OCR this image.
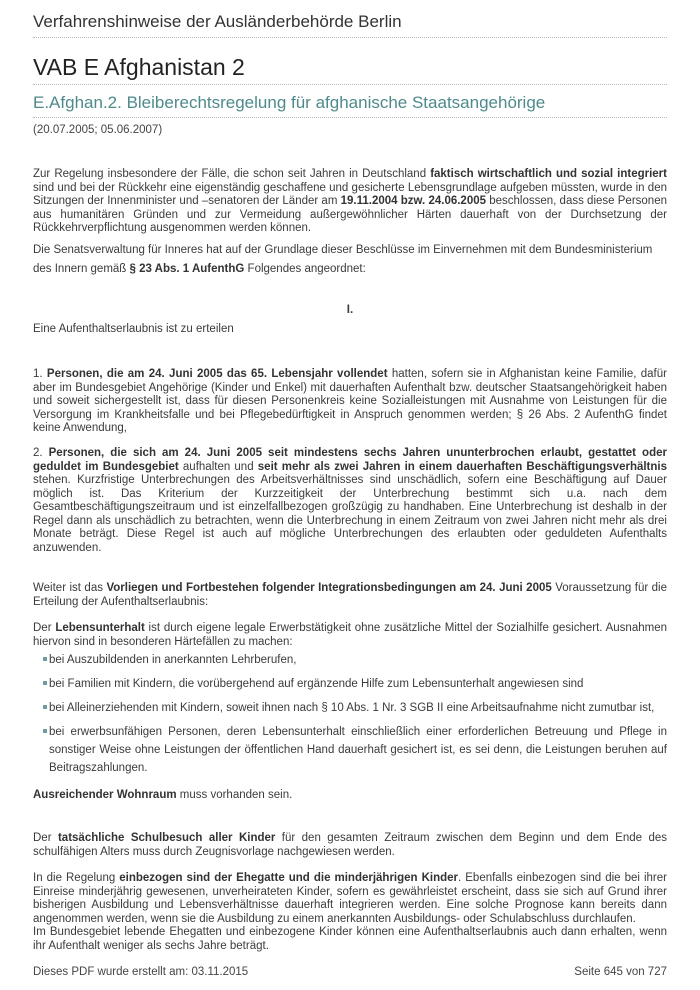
Verfahrenshinweise der Ausländerbehörde Berlin
VAB E Afghanistan 2
E.Afghan.2. Bleiberechtsregelung für afghanische Staatsangehörige
(20.07.2005; 05.06.2007)
Zur Regelung insbesondere der Fälle, die schon seit Jahren in Deutschland faktisch wirtschaftlich und sozial integriert sind und bei der Rückkehr eine eigenständig geschaffene und gesicherte Lebensgrundlage aufgeben müssten, wurde in den Sitzungen der Innenminister und –senatoren der Länder am 19.11.2004 bzw. 24.06.2005 beschlossen, dass diese Personen aus humanitären Gründen und zur Vermeidung außergewöhnlicher Härten dauerhaft von der Durchsetzung der Rückkehrverpflichtung ausgenommen werden können.
Die Senatsverwaltung für Inneres hat auf der Grundlage dieser Beschlüsse im Einvernehmen mit dem Bundesministerium des Innern gemäß § 23 Abs. 1 AufenthG Folgendes angeordnet:
I.
Eine Aufenthaltserlaubnis ist zu erteilen
1. Personen, die am 24. Juni 2005 das 65. Lebensjahr vollendet hatten, sofern sie in Afghanistan keine Familie, dafür aber im Bundesgebiet Angehörige (Kinder und Enkel) mit dauerhaften Aufenthalt bzw. deutscher Staatsangehörigkeit haben und soweit sichergestellt ist, dass für diesen Personenkreis keine Sozialleistungen mit Ausnahme von Leistungen für die Versorgung im Krankheitsfalle und bei Pflegebedürftigkeit in Anspruch genommen werden; § 26 Abs. 2 AufenthG findet keine Anwendung,
2. Personen, die sich am 24. Juni 2005 seit mindestens sechs Jahren ununterbrochen erlaubt, gestattet oder geduldet im Bundesgebiet aufhalten und seit mehr als zwei Jahren in einem dauerhaften Beschäftigungsverhältnis stehen. Kurzfristige Unterbrechungen des Arbeitsverhältnisses sind unschädlich, sofern eine Beschäftigung auf Dauer möglich ist. Das Kriterium der Kurzzeitigkeit der Unterbrechung bestimmt sich u.a. nach dem Gesamtbeschäftigungszeitraum und ist einzelfallbezogen großzügig zu handhaben. Eine Unterbrechung ist deshalb in der Regel dann als unschädlich zu betrachten, wenn die Unterbrechung in einem Zeitraum von zwei Jahren nicht mehr als drei Monate beträgt. Diese Regel ist auch auf mögliche Unterbrechungen des erlaubten oder geduldeten Aufenthalts anzuwenden.
Weiter ist das Vorliegen und Fortbestehen folgender Integrationsbedingungen am 24. Juni 2005 Voraussetzung für die Erteilung der Aufenthaltserlaubnis:
Der Lebensunterhalt ist durch eigene legale Erwerbstätigkeit ohne zusätzliche Mittel der Sozialhilfe gesichert. Ausnahmen hiervon sind in besonderen Härtefällen zu machen:
bei Auszubildenden in anerkannten Lehrberufen,
bei Familien mit Kindern, die vorübergehend auf ergänzende Hilfe zum Lebensunterhalt angewiesen sind
bei Alleinerziehenden mit Kindern, soweit ihnen nach § 10 Abs. 1 Nr. 3 SGB II eine Arbeitsaufnahme nicht zumutbar ist,
bei erwerbsunfähigen Personen, deren Lebensunterhalt einschließlich einer erforderlichen Betreuung und Pflege in sonstiger Weise ohne Leistungen der öffentlichen Hand dauerhaft gesichert ist, es sei denn, die Leistungen beruhen auf Beitragszahlungen.
Ausreichender Wohnraum muss vorhanden sein.
Der tatsächliche Schulbesuch aller Kinder für den gesamten Zeitraum zwischen dem Beginn und dem Ende des schulfähigen Alters muss durch Zeugnisvorlage nachgewiesen werden.
In die Regelung einbezogen sind der Ehegatte und die minderjährigen Kinder. Ebenfalls einbezogen sind die bei ihrer Einreise minderjährig gewesenen, unverheirateten Kinder, sofern es gewährleistet erscheint, dass sie sich auf Grund ihrer bisherigen Ausbildung und Lebensverhältnisse dauerhaft integrieren werden. Eine solche Prognose kann bereits dann angenommen werden, wenn sie die Ausbildung zu einem anerkannten Ausbildungs- oder Schulabschluss durchlaufen.
Im Bundesgebiet lebende Ehegatten und einbezogene Kinder können eine Aufenthaltserlaubnis auch dann erhalten, wenn ihr Aufenthalt weniger als sechs Jahre beträgt.
Dieses PDF wurde erstellt am: 03.11.2015	Seite 645 von 727
